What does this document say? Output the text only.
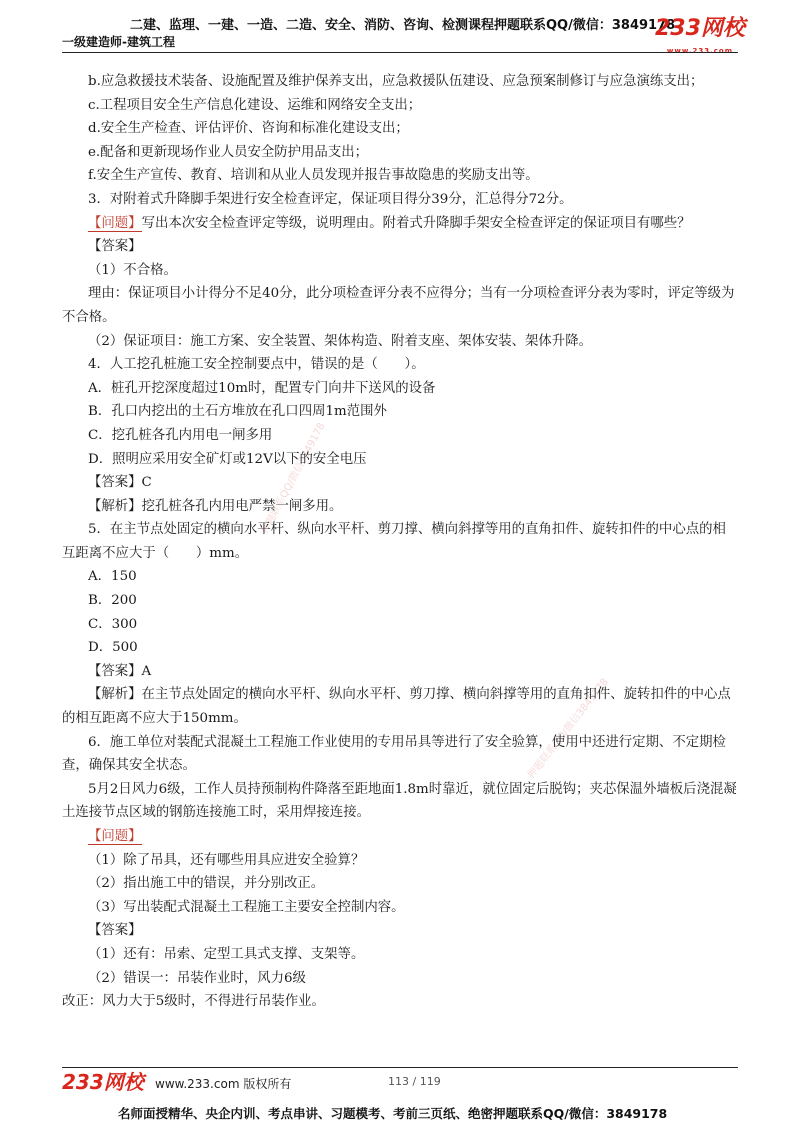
二建、监理、一建、一造、二造、安全、消防、咨询、检测课程押题联系QQ/微信：3849178
一级建造师-建筑工程
233网校
www.233.com
押题联系QQ/微信3849178
押题联系QQ/微信3849178

b.应急救援技术装备、设施配置及维护保养支出，应急救援队伍建设、应急预案制修订与应急演练支出；

c.工程项目安全生产信息化建设、运维和网络安全支出；

d.安全生产检查、评估评价、咨询和标准化建设支出；

e.配备和更新现场作业人员安全防护用品支出；

f.安全生产宣传、教育、培训和从业人员发现并报告事故隐患的奖励支出等。

3．对附着式升降脚手架进行安全检查评定，保证项目得分39分，汇总得分72分。

【问题】写出本次安全检查评定等级，说明理由。附着式升降脚手架安全检查评定的保证项目有哪些？

【答案】

（1）不合格。

理由：保证项目小计得分不足40分，此分项检查评分表不应得分；当有一分项检查评分表为零时，评定等级为不合格。

（2）保证项目：施工方案、安全装置、架体构造、附着支座、架体安装、架体升降。

4．人工挖孔桩施工安全控制要点中，错误的是（　　）。

A．桩孔开挖深度超过10m时，配置专门向井下送风的设备

B．孔口内挖出的土石方堆放在孔口四周1m范围外

C．挖孔桩各孔内用电一闸多用

D．照明应采用安全矿灯或12V以下的安全电压

【答案】C

【解析】挖孔桩各孔内用电严禁一闸多用。

5．在主节点处固定的横向水平杆、纵向水平杆、剪刀撑、横向斜撑等用的直角扣件、旋转扣件的中心点的相互距离不应大于（　　）mm。

A．150

B．200

C．300

D．500

【答案】A

【解析】在主节点处固定的横向水平杆、纵向水平杆、剪刀撑、横向斜撑等用的直角扣件、旋转扣件的中心点的相互距离不应大于150mm。

6．施工单位对装配式混凝土工程施工作业使用的专用吊具等进行了安全验算，使用中还进行定期、不定期检查，确保其安全状态。

5月2日风力6级，工作人员持预制构件降落至距地面1.8m时靠近，就位固定后脱钩；夹芯保温外墙板后浇混凝土连接节点区域的钢筋连接施工时，采用焊接连接。

【问题】

（1）除了吊具，还有哪些用具应进安全验算？

（2）指出施工中的错误，并分别改正。

（3）写出装配式混凝土工程施工主要安全控制内容。

【答案】

（1）还有：吊索、定型工具式支撑、支架等。

（2）错误一：吊装作业时，风力6级

改正：风力大于5级时，不得进行吊装作业。

233网校 www.233.com 版权所有	113 / 119
名师面授精华、央企内训、考点串讲、习题模考、考前三页纸、绝密押题联系QQ/微信：3849178
